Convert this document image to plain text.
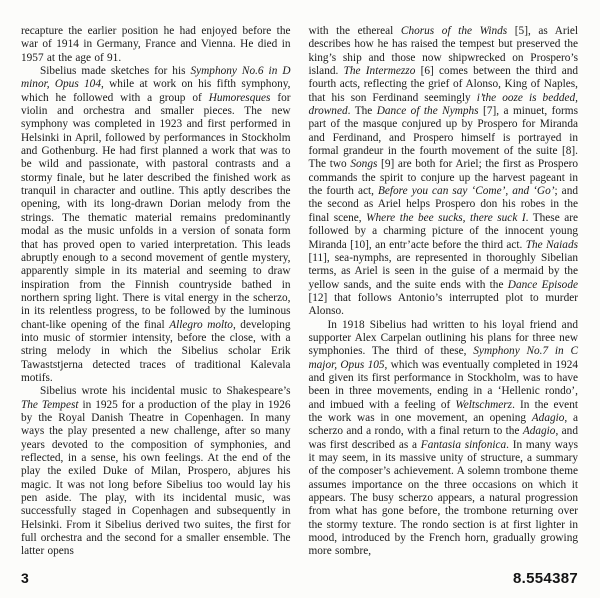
recapture the earlier position he had enjoyed before the war of 1914 in Germany, France and Vienna. He died in 1957 at the age of 91.

Sibelius made sketches for his Symphony No.6 in D minor, Opus 104, while at work on his fifth symphony, which he followed with a group of Humoresques for violin and orchestra and smaller pieces. The new symphony was completed in 1923 and first performed in Helsinki in April, followed by performances in Stockholm and Gothenburg. He had first planned a work that was to be wild and passionate, with pastoral contrasts and a stormy finale, but he later described the finished work as tranquil in character and outline. This aptly describes the opening, with its long-drawn Dorian melody from the strings. The thematic material remains predominantly modal as the music unfolds in a version of sonata form that has proved open to varied interpretation. This leads abruptly enough to a second movement of gentle mystery, apparently simple in its material and seeming to draw inspiration from the Finnish countryside bathed in northern spring light. There is vital energy in the scherzo, in its relentless progress, to be followed by the luminous chant-like opening of the final Allegro molto, developing into music of stormier intensity, before the close, with a string melody in which the Sibelius scholar Erik Tawaststjerna detected traces of traditional Kalevala motifs.

Sibelius wrote his incidental music to Shakespeare’s The Tempest in 1925 for a production of the play in 1926 by the Royal Danish Theatre in Copenhagen. In many ways the play presented a new challenge, after so many years devoted to the composition of symphonies, and reflected, in a sense, his own feelings. At the end of the play the exiled Duke of Milan, Prospero, abjures his magic. It was not long before Sibelius too would lay his pen aside. The play, with its incidental music, was successfully staged in Copenhagen and subsequently in Helsinki. From it Sibelius derived two suites, the first for full orchestra and the second for a smaller ensemble. The latter opens

with the ethereal Chorus of the Winds [5], as Ariel describes how he has raised the tempest but preserved the king’s ship and those now shipwrecked on Prospero’s island. The Intermezzo [6] comes between the third and fourth acts, reflecting the grief of Alonso, King of Naples, that his son Ferdinand seemingly i’the ooze is bedded, drowned. The Dance of the Nymphs [7], a minuet, forms part of the masque conjured up by Prospero for Miranda and Ferdinand, and Prospero himself is portrayed in formal grandeur in the fourth movement of the suite [8]. The two Songs [9] are both for Ariel; the first as Prospero commands the spirit to conjure up the harvest pageant in the fourth act, Before you can say ‘Come’, and ‘Go’; and the second as Ariel helps Prospero don his robes in the final scene, Where the bee sucks, there suck I. These are followed by a charming picture of the innocent young Miranda [10], an entr’acte before the third act. The Naiads [11], sea-nymphs, are represented in thoroughly Sibelian terms, as Ariel is seen in the guise of a mermaid by the yellow sands, and the suite ends with the Dance Episode [12] that follows Antonio’s interrupted plot to murder Alonso.

In 1918 Sibelius had written to his loyal friend and supporter Alex Carpelan outlining his plans for three new symphonies. The third of these, Symphony No.7 in C major, Opus 105, which was eventually completed in 1924 and given its first performance in Stockholm, was to have been in three movements, ending in a ‘Hellenic rondo’, and imbued with a feeling of Weltschmerz. In the event the work was in one movement, an opening Adagio, a scherzo and a rondo, with a final return to the Adagio, and was first described as a Fantasia sinfonica. In many ways it may seem, in its massive unity of structure, a summary of the composer’s achievement. A solemn trombone theme assumes importance on the three occasions on which it appears. The busy scherzo appears, a natural progression from what has gone before, the trombone returning over the stormy texture. The rondo section is at first lighter in mood, introduced by the French horn, gradually growing more sombre,

3	8.554387
